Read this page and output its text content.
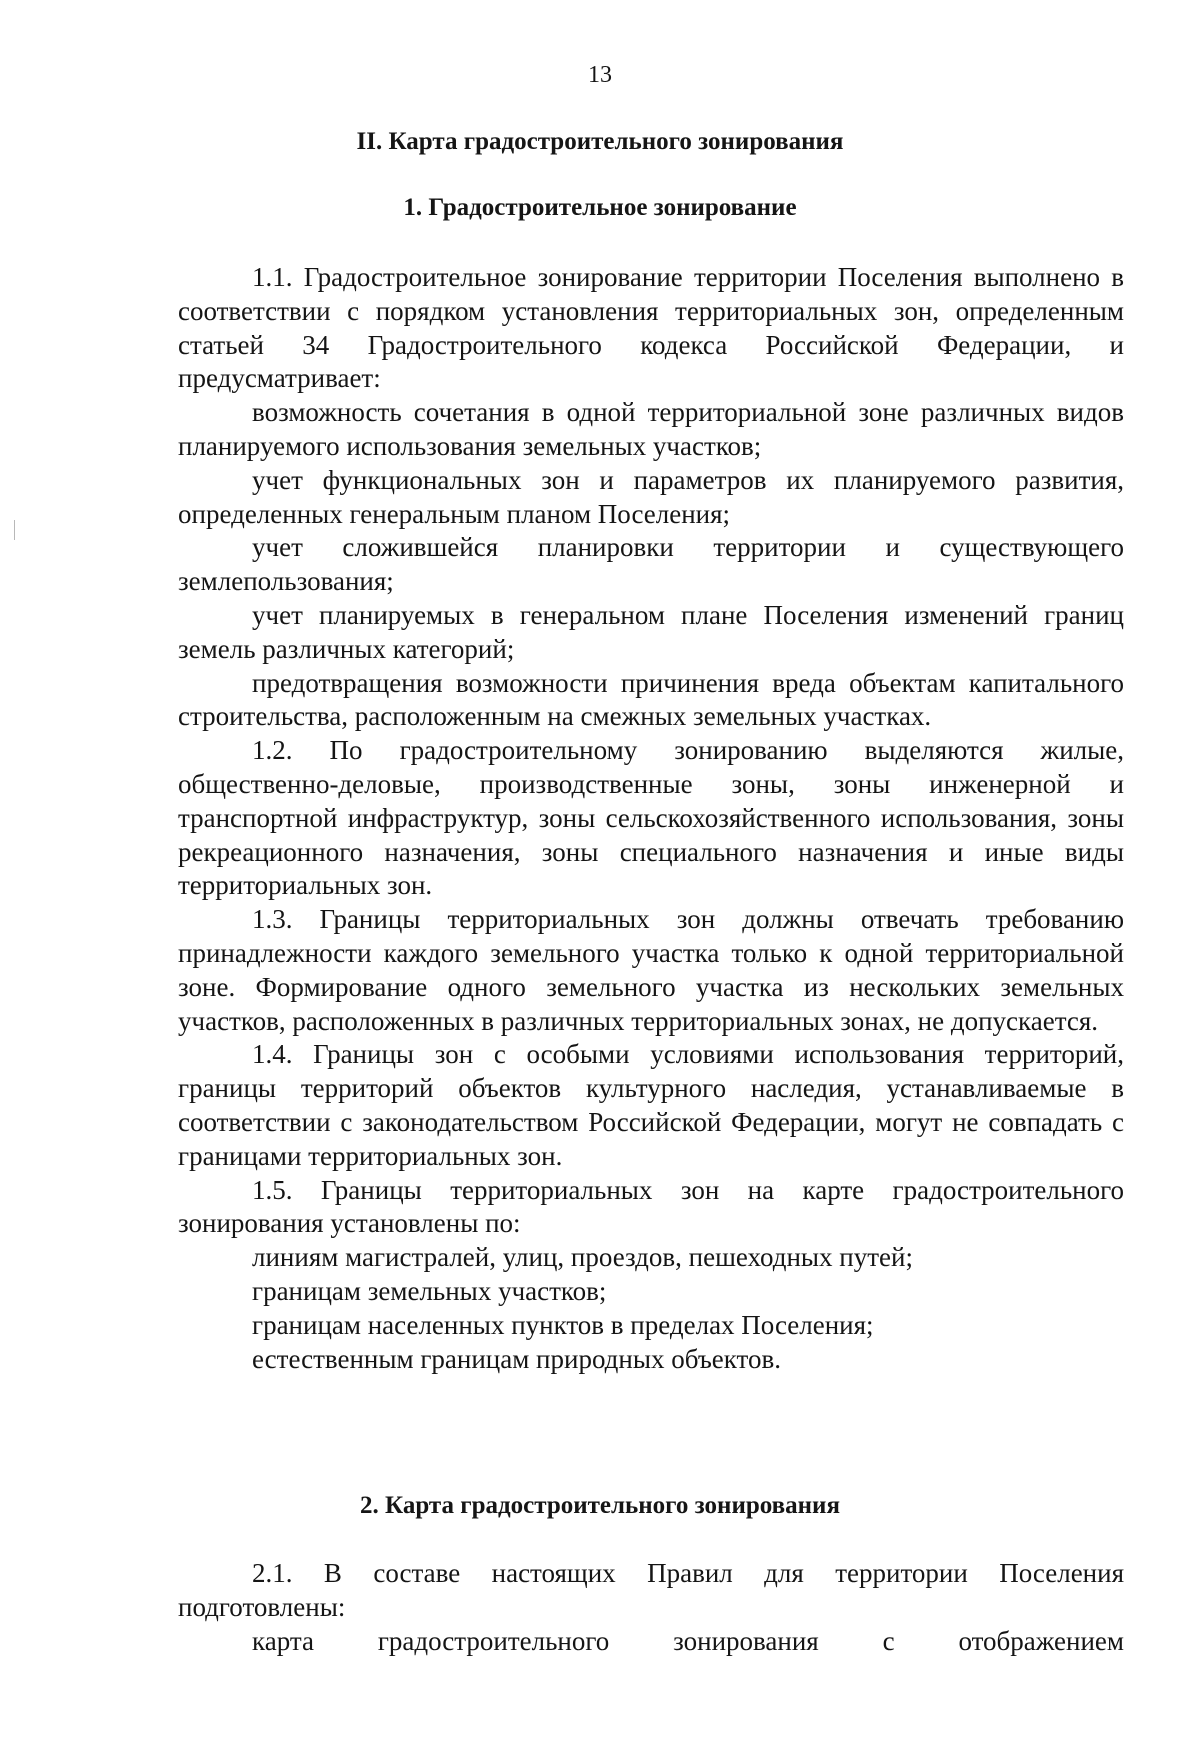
13
II. Карта градостроительного зонирования
1. Градостроительное зонирование

1.1. Градостроительное зонирование территории Поселения выполнено в соответствии с порядком установления территориальных зон, определенным статьей 34 Градостроительного кодекса Российской Федерации, и предусматривает:

возможность сочетания в одной территориальной зоне различных видов планируемого использования земельных участков;

учет функциональных зон и параметров их планируемого развития, определенных генеральным планом Поселения;

учет сложившейся планировки территории и существующего землепользования;

учет планируемых в генеральном плане Поселения изменений границ земель различных категорий;

предотвращения возможности причинения вреда объектам капитального строительства, расположенным на смежных земельных участках.

1.2. По градостроительному зонированию выделяются жилые, общественно-деловые, производственные зоны, зоны инженерной и транспортной инфраструктур, зоны сельскохозяйственного использования, зоны рекреационного назначения, зоны специального назначения и иные виды территориальных зон.

1.3. Границы территориальных зон должны отвечать требованию принадлежности каждого земельного участка только к одной территориальной зоне. Формирование одного земельного участка из нескольких земельных участков, расположенных в различных территориальных зонах, не допускается.

1.4. Границы зон с особыми условиями использования территорий, границы территорий объектов культурного наследия, устанавливаемые в соответствии с законодательством Российской Федерации, могут не совпадать с границами территориальных зон.

1.5. Границы территориальных зон на карте градостроительного зонирования установлены по:

линиям магистралей, улиц, проездов, пешеходных путей;

границам земельных участков;

границам населенных пунктов в пределах Поселения;

естественным границам природных объектов.

2. Карта градостроительного зонирования

2.1. В составе настоящих Правил для территории Поселения подготовлены:

карта градостроительного зонирования с отображением
